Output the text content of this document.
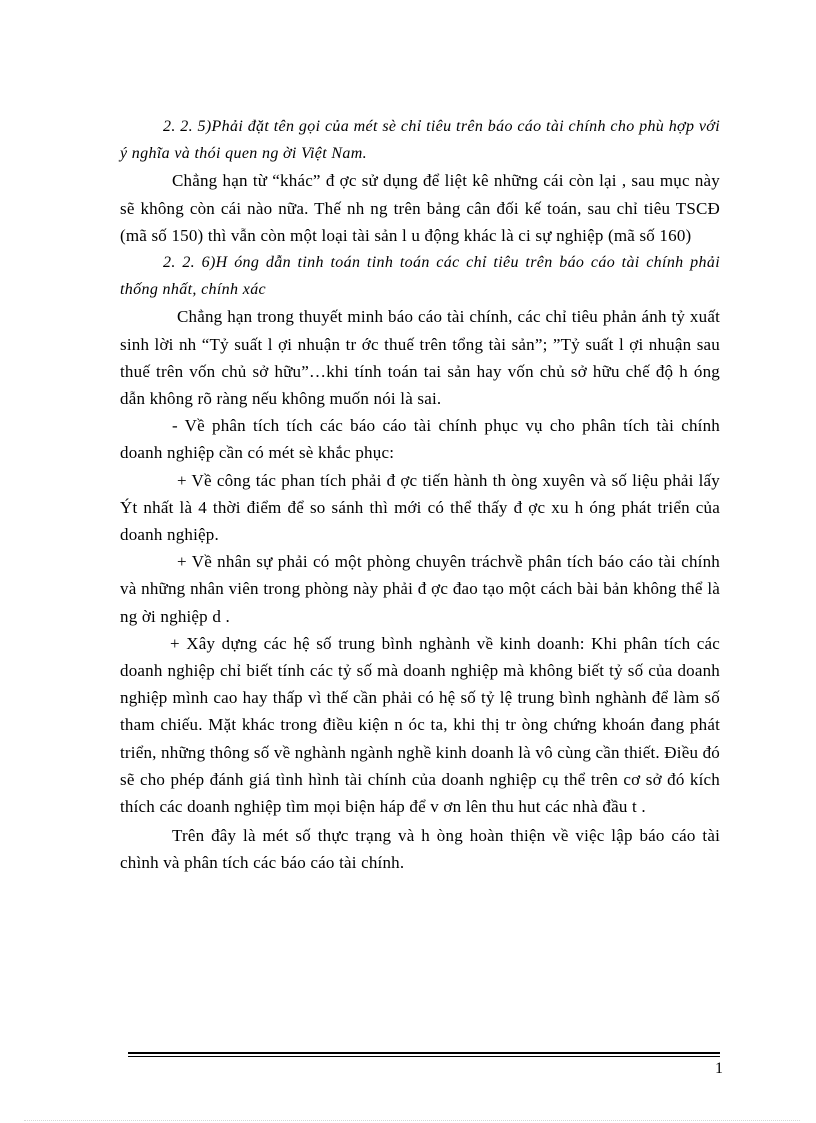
2. 2. 5)Phải đặt tên gọi của mét sè chỉ tiêu trên báo cáo tài chính cho phù hợp với ý nghĩa và thói quen ng ời Việt Nam.

Chẳng hạn từ “khác” đ ợc sử dụng để liệt kê những cái còn lại , sau mục này sẽ không còn cái nào nữa. Thế nh ng trên bảng cân đối kế toán, sau chỉ tiêu TSCĐ (mã số 150) thì vẫn còn một loại tài sản l u động khác là ci sự nghiệp (mã số 160)

2. 2. 6)H óng dẫn tinh toán tinh toán các chỉ tiêu trên báo cáo tài chính phải thống nhất, chính xác

Chẳng hạn trong thuyết minh báo cáo tài chính, các chỉ tiêu phản ánh tỷ xuất sinh lời nh “Tỷ suất l ợi nhuận tr ớc thuế trên tổng tài sản”; ”Tỷ suất l ợi nhuận sau thuế trên vốn chủ sở hữu”…khi tính toán tai sản hay vốn chủ sở hữu chế độ h óng dẫn không rõ ràng nếu không muốn nói là sai.

- Về phân tích tích các báo cáo tài chính phục vụ cho phân tích tài chính doanh nghiệp cần có mét sè khắc phục:

+ Về công tác phan tích phải đ ợc tiến hành th òng xuyên và số liệu phải lấy Ýt nhất là 4 thời điểm để so sánh thì mới có thể thấy đ ợc xu h óng phát triển của doanh nghiệp.

+ Về nhân sự phải có một phòng chuyên tráchvề phân tích báo cáo tài chính và những nhân viên trong phòng này phải đ ợc đao tạo một cách bài bản không thể là ng ời nghiệp d .

+ Xây dựng các hệ số trung bình nghành về kinh doanh: Khi phân tích các doanh nghiệp chỉ biết tính các tỷ số mà doanh nghiệp mà không biết tỷ số của doanh nghiệp mình cao hay thấp vì thế cần phải có hệ số tỷ lệ trung bình nghành để làm số tham chiếu. Mặt khác trong điều kiện n óc ta, khi thị tr òng chứng khoán đang phát triển, những thông số về nghành ngành nghề kinh doanh là vô cùng cần thiết. Điều đó sẽ cho phép đánh giá tình hình tài chính của doanh nghiệp cụ thể trên cơ sở đó kích thích các doanh nghiệp tìm mọi biện háp để v ơn lên thu hut các nhà đầu t .

Trên đây là mét số thực trạng và h òng hoàn thiện về việc lập báo cáo tài chình và phân tích các báo cáo tài chính.

1
